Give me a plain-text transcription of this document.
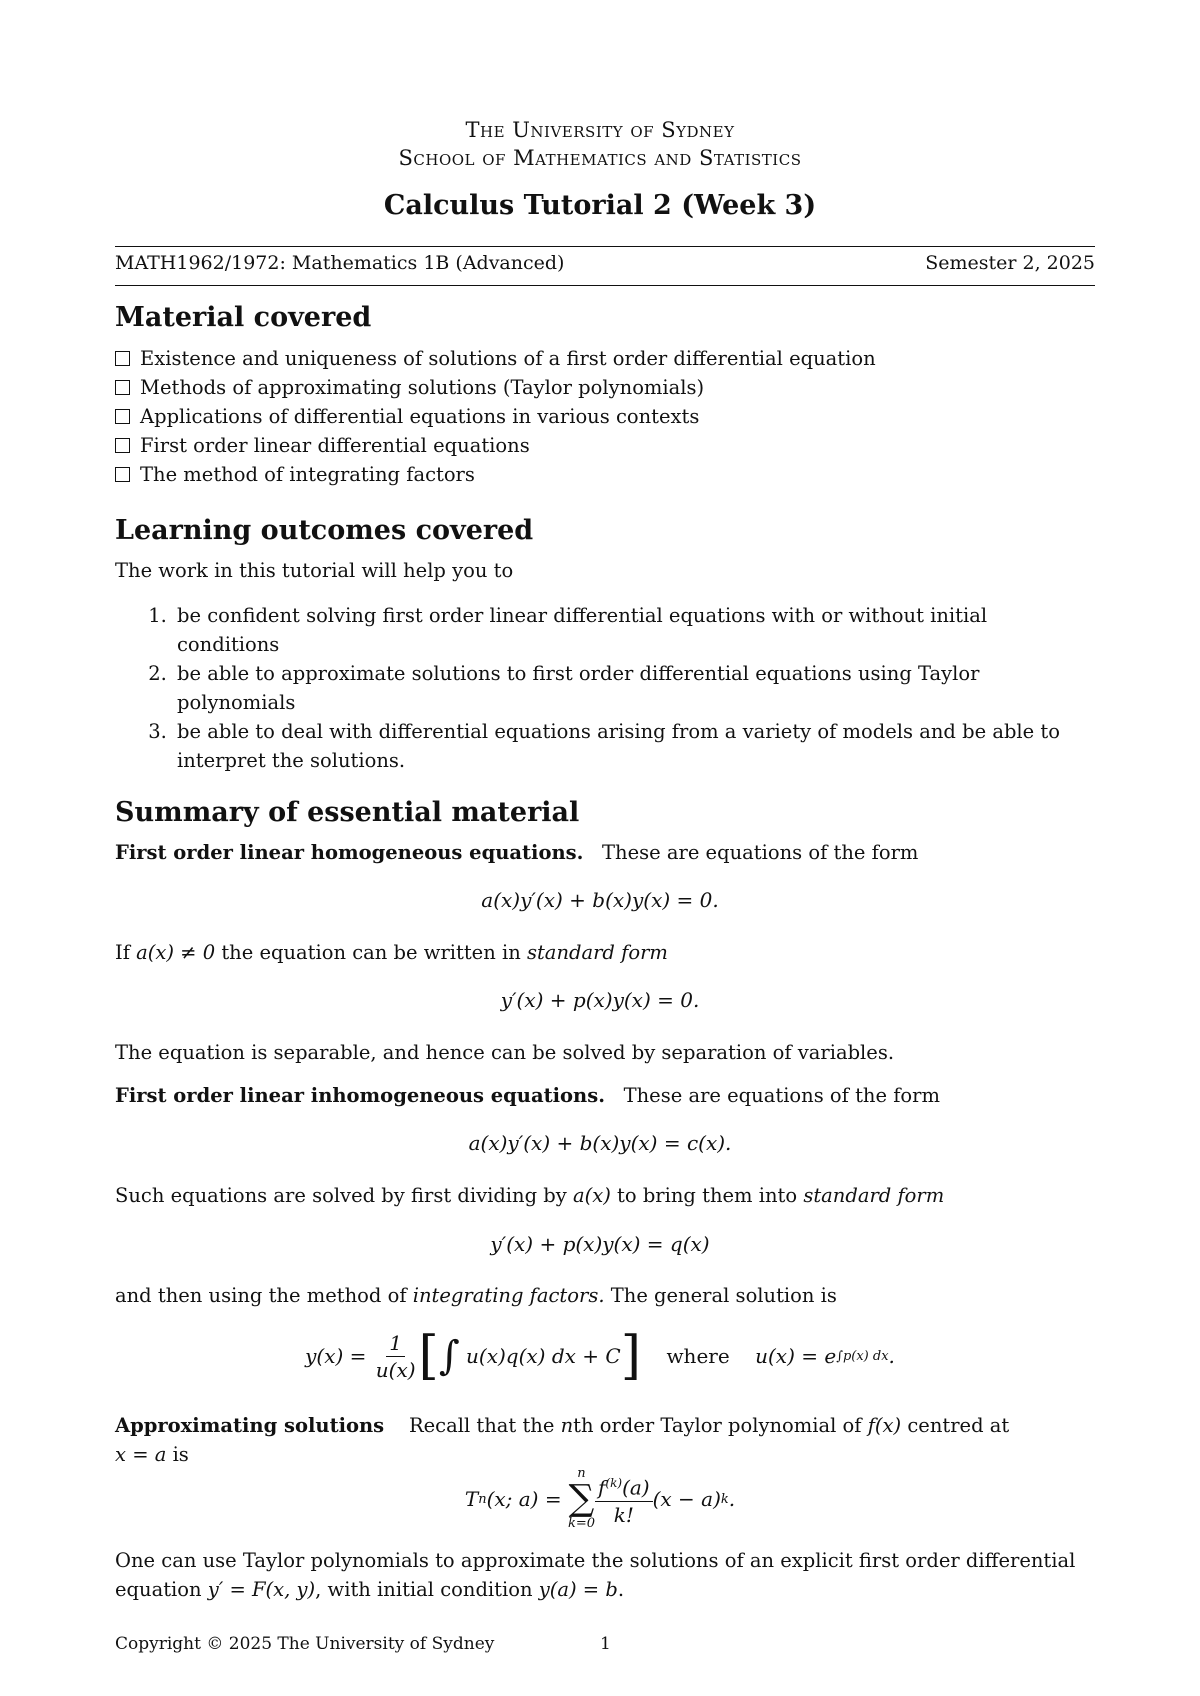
The University of Sydney
School of Mathematics and Statistics
Calculus Tutorial 2 (Week 3)
MATH1962/1972: Mathematics 1B (Advanced)	Semester 2, 2025
Material covered
Existence and uniqueness of solutions of a first order differential equation
Methods of approximating solutions (Taylor polynomials)
Applications of differential equations in various contexts
First order linear differential equations
The method of integrating factors
Learning outcomes covered
The work in this tutorial will help you to
1. be confident solving first order linear differential equations with or without initial conditions
2. be able to approximate solutions to first order differential equations using Taylor polynomials
3. be able to deal with differential equations arising from a variety of models and be able to interpret the solutions.
Summary of essential material
First order linear homogeneous equations. These are equations of the form
a(x)y′(x) + b(x)y(x) = 0.
If a(x) ≠ 0 the equation can be written in standard form
y′(x) + p(x)y(x) = 0.
The equation is separable, and hence can be solved by separation of variables.
First order linear inhomogeneous equations. These are equations of the form
a(x)y′(x) + b(x)y(x) = c(x).
Such equations are solved by first dividing by a(x) to bring them into standard form
y′(x) + p(x)y(x) = q(x)
and then using the method of integrating factors. The general solution is
y(x) =
$\frac{1}{u(x)}$ [ ∫
u(x)q(x) dx + C ]
where
u(x) = e ∫p(x) dx .
Approximating solutions Recall that the nth order Taylor polynomial of f(x) centred at
x = a is
T n (x; a) =

n
∑
$k=0 \frac{f^{(k)}(a)}{k!} (x - a)$ k .
One can use Taylor polynomials to approximate the solutions of an explicit first order differential
equation y′ = F(x, y), with initial condition y(a) = b.
Copyright © 2025 The University of Sydney	1
